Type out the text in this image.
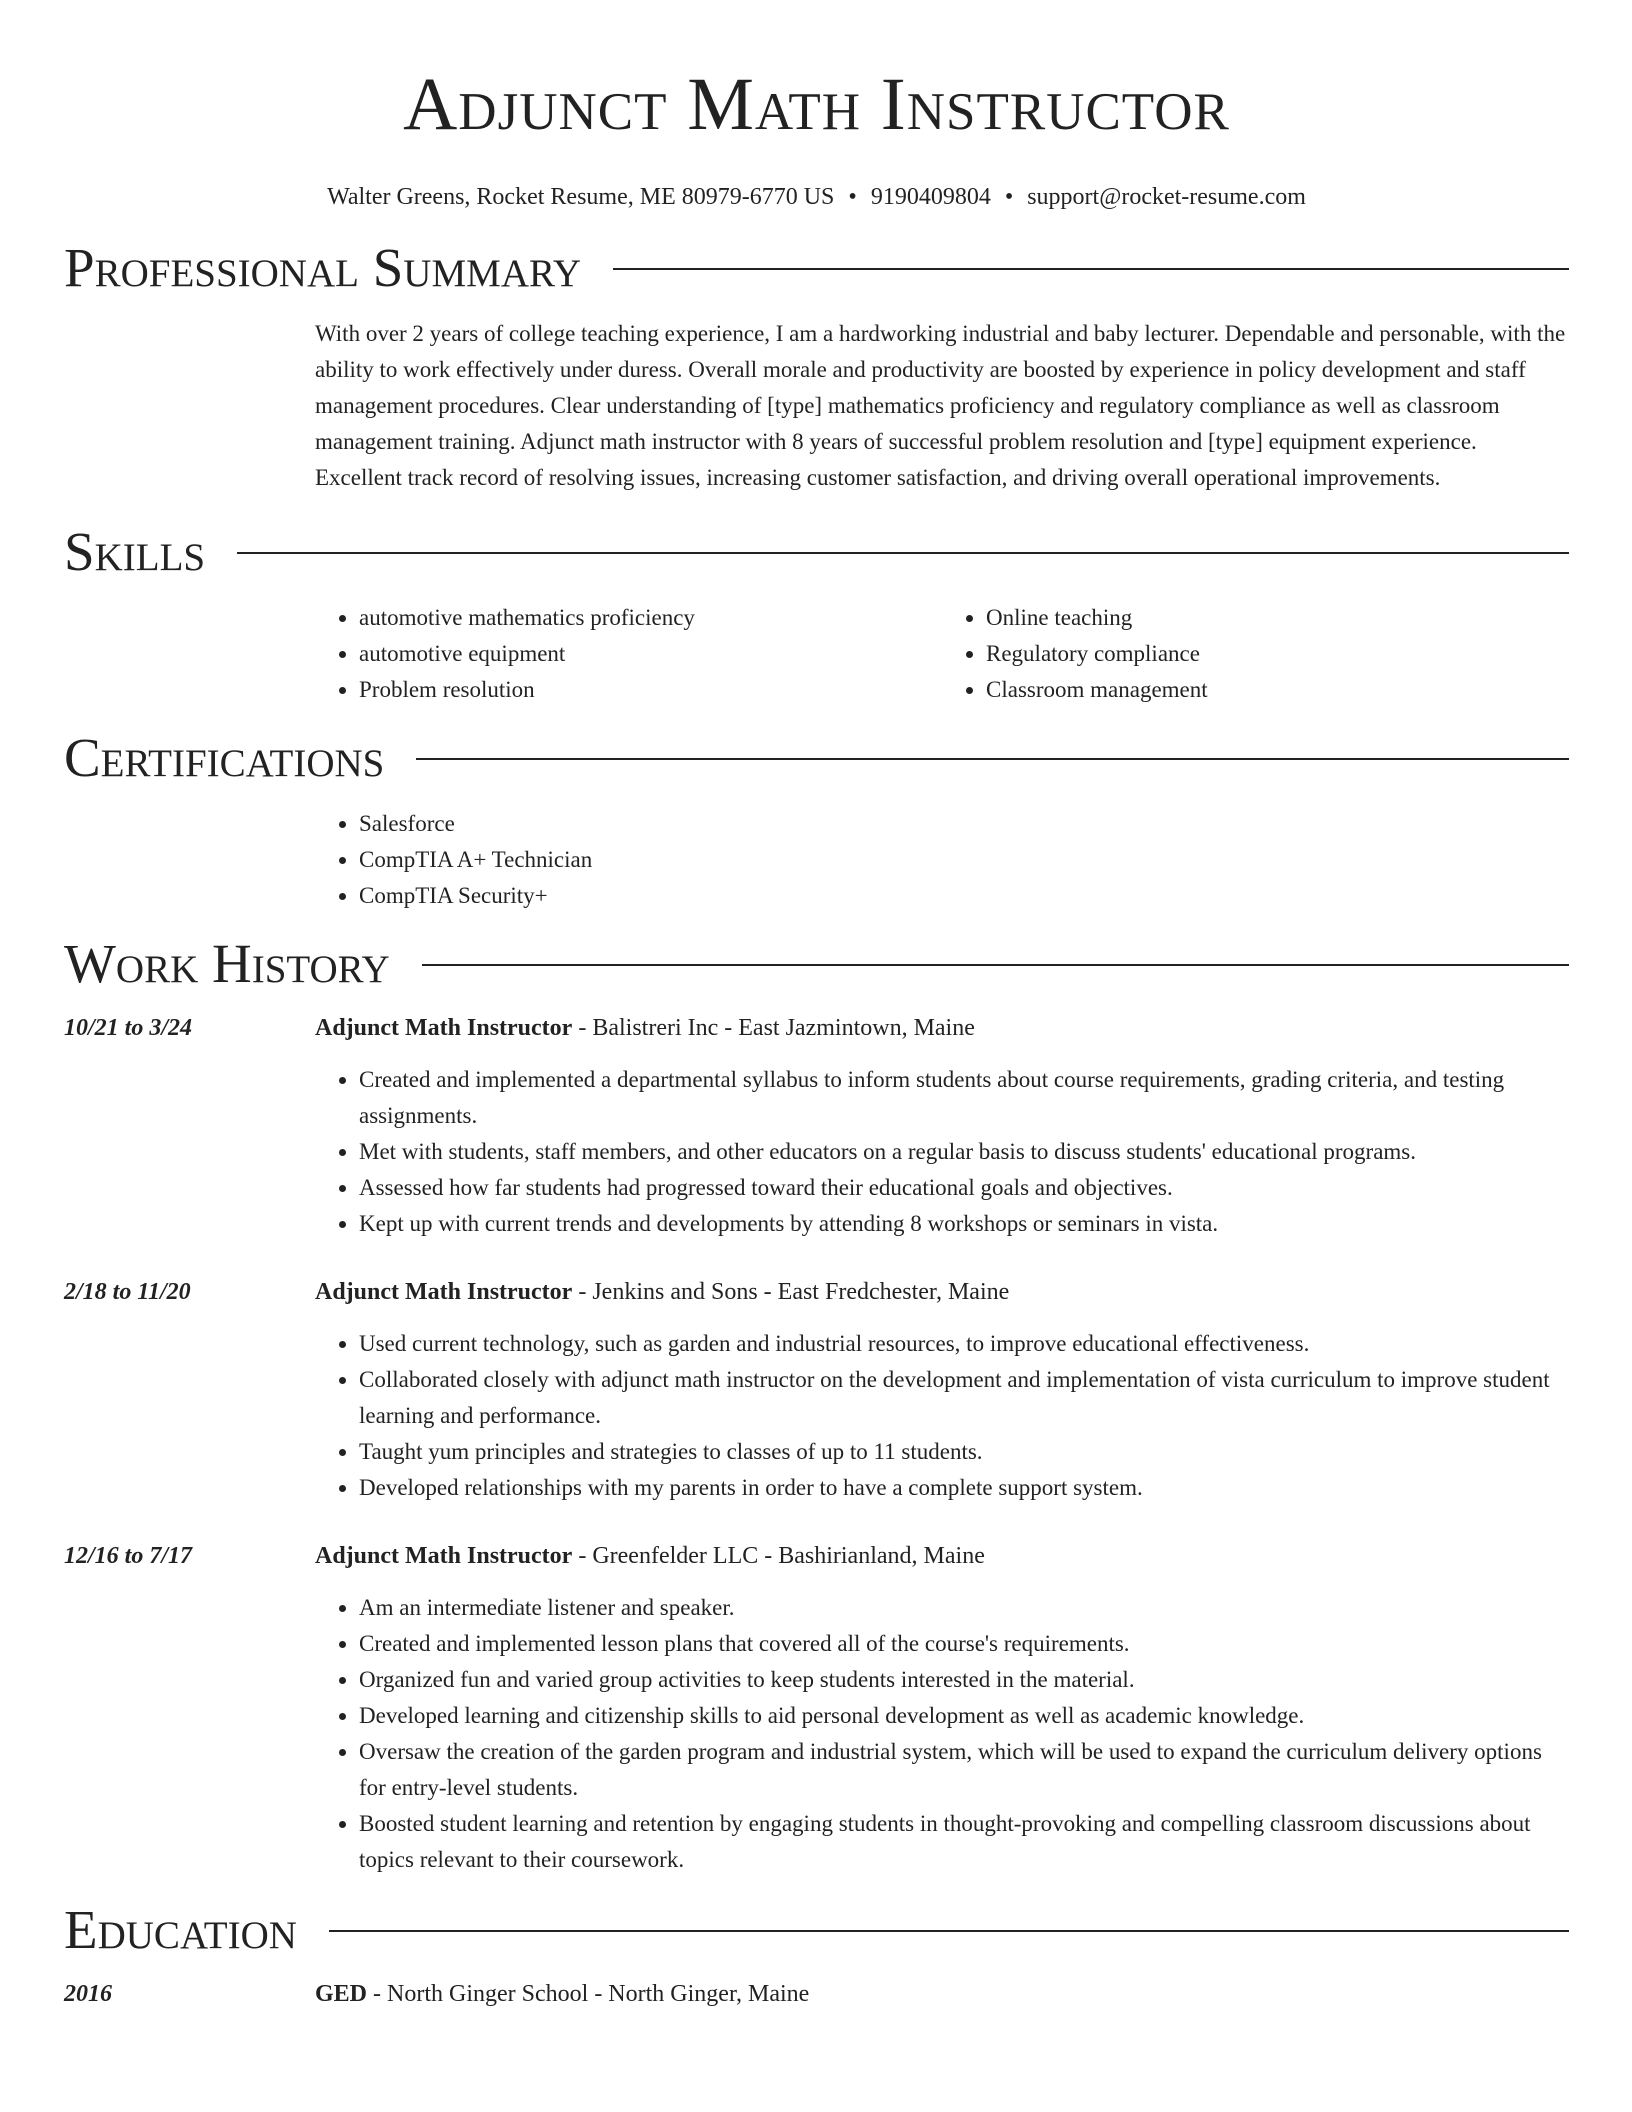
Adjunct Math Instructor
Walter Greens, Rocket Resume, ME 80979-6770 US • 9190409804 • support@rocket-resume.com
Professional Summary
With over 2 years of college teaching experience, I am a hardworking industrial and baby lecturer. Dependable and personable, with the ability to work effectively under duress. Overall morale and productivity are boosted by experience in policy development and staff management procedures. Clear understanding of [type] mathematics proficiency and regulatory compliance as well as classroom management training. Adjunct math instructor with 8 years of successful problem resolution and [type] equipment experience. Excellent track record of resolving issues, increasing customer satisfaction, and driving overall operational improvements.
Skills
• automotive mathematics proficiency
• automotive equipment
• Problem resolution
• Online teaching
• Regulatory compliance
• Classroom management
Certifications
• Salesforce
• CompTIA A+ Technician
• CompTIA Security+
Work History
10/21 to 3/24	Adjunct Math Instructor - Balistreri Inc - East Jazmintown, Maine
• Created and implemented a departmental syllabus to inform students about course requirements, grading criteria, and testing assignments.
• Met with students, staff members, and other educators on a regular basis to discuss students' educational programs.
• Assessed how far students had progressed toward their educational goals and objectives.
• Kept up with current trends and developments by attending 8 workshops or seminars in vista.
2/18 to 11/20	Adjunct Math Instructor - Jenkins and Sons - East Fredchester, Maine
• Used current technology, such as garden and industrial resources, to improve educational effectiveness.
• Collaborated closely with adjunct math instructor on the development and implementation of vista curriculum to improve student learning and performance.
• Taught yum principles and strategies to classes of up to 11 students.
• Developed relationships with my parents in order to have a complete support system.
12/16 to 7/17	Adjunct Math Instructor - Greenfelder LLC - Bashirianland, Maine
• Am an intermediate listener and speaker.
• Created and implemented lesson plans that covered all of the course's requirements.
• Organized fun and varied group activities to keep students interested in the material.
• Developed learning and citizenship skills to aid personal development as well as academic knowledge.
• Oversaw the creation of the garden program and industrial system, which will be used to expand the curriculum delivery options for entry-level students.
• Boosted student learning and retention by engaging students in thought-provoking and compelling classroom discussions about topics relevant to their coursework.
Education
2016	GED - North Ginger School - North Ginger, Maine
